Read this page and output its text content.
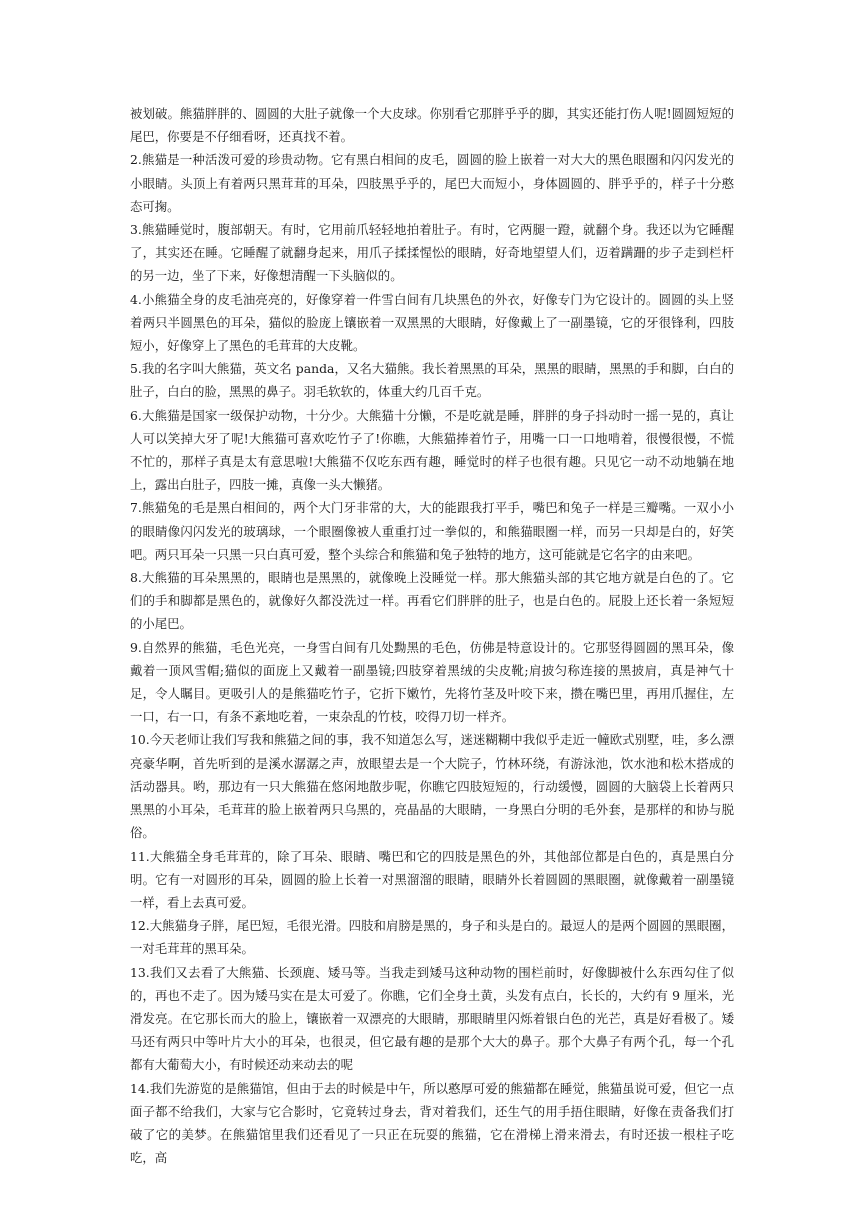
被划破。熊猫胖胖的、圆圆的大肚子就像一个大皮球。你别看它那胖乎乎的脚，其实还能打伤人呢!圆圆短短的尾巴，你要是不仔细看呀，还真找不着。

2.熊猫是一种活泼可爱的珍贵动物。它有黑白相间的皮毛，圆圆的脸上嵌着一对大大的黑色眼圈和闪闪发光的小眼睛。头顶上有着两只黑茸茸的耳朵，四肢黑乎乎的，尾巴大而短小，身体圆圆的、胖乎乎的，样子十分憨态可掬。

3.熊猫睡觉时，腹部朝天。有时，它用前爪轻轻地拍着肚子。有时，它两腿一蹬，就翻个身。我还以为它睡醒了，其实还在睡。它睡醒了就翻身起来，用爪子揉揉惺忪的眼睛，好奇地望望人们，迈着蹒跚的步子走到栏杆的另一边，坐了下来，好像想清醒一下头脑似的。

4.小熊猫全身的皮毛油亮亮的，好像穿着一件雪白间有几块黑色的外衣，好像专门为它设计的。圆圆的头上竖着两只半圆黑色的耳朵，猫似的脸庞上镶嵌着一双黑黑的大眼睛，好像戴上了一副墨镜，它的牙很锋利，四肢短小，好像穿上了黑色的毛茸茸的大皮靴。

5.我的名字叫大熊猫，英文名 panda，又名大猫熊。我长着黑黑的耳朵，黑黑的眼睛，黑黑的手和脚，白白的肚子，白白的脸，黑黑的鼻子。羽毛软软的，体重大约几百千克。

6.大熊猫是国家一级保护动物，十分少。大熊猫十分懒，不是吃就是睡，胖胖的身子抖动时一摇一晃的，真让人可以笑掉大牙了呢!大熊猫可喜欢吃竹子了!你瞧，大熊猫捧着竹子，用嘴一口一口地啃着，很慢很慢，不慌不忙的，那样子真是太有意思啦!大熊猫不仅吃东西有趣，睡觉时的样子也很有趣。只见它一动不动地躺在地上，露出白肚子，四肢一摊，真像一头大懒猪。

7.熊猫兔的毛是黑白相间的，两个大门牙非常的大，大的能跟我打平手，嘴巴和兔子一样是三瓣嘴。一双小小的眼睛像闪闪发光的玻璃球，一个眼圈像被人重重打过一拳似的，和熊猫眼圈一样，而另一只却是白的，好笑吧。两只耳朵一只黑一只白真可爱，整个头综合和熊猫和兔子独特的地方，这可能就是它名字的由来吧。

8.大熊猫的耳朵黑黑的，眼睛也是黑黑的，就像晚上没睡觉一样。那大熊猫头部的其它地方就是白色的了。它们的手和脚都是黑色的，就像好久都没洗过一样。再看它们胖胖的肚子，也是白色的。屁股上还长着一条短短的小尾巴。

9.自然界的熊猫，毛色光亮，一身雪白间有几处黝黑的毛色，仿佛是特意设计的。它那竖得圆圆的黑耳朵，像戴着一顶风雪帽;猫似的面庞上又戴着一副墨镜;四肢穿着黑绒的尖皮靴;肩披匀称连接的黑披肩，真是神气十足，令人瞩目。更吸引人的是熊猫吃竹子，它折下嫩竹，先将竹茎及叶咬下来，攒在嘴巴里，再用爪握住，左一口，右一口，有条不紊地吃着，一束杂乱的竹枝，咬得刀切一样齐。

10.今天老师让我们写我和熊猫之间的事，我不知道怎么写，迷迷糊糊中我似乎走近一幢欧式别墅，哇，多么漂亮豪华啊，首先听到的是溪水潺潺之声，放眼望去是一个大院子，竹林环绕，有游泳池，饮水池和松木搭成的活动器具。哟，那边有一只大熊猫在悠闲地散步呢，你瞧它四肢短短的，行动缓慢，圆圆的大脑袋上长着两只黑黑的小耳朵，毛茸茸的脸上嵌着两只乌黑的，亮晶晶的大眼睛，一身黑白分明的毛外套，是那样的和协与脱俗。

11.大熊猫全身毛茸茸的，除了耳朵、眼睛、嘴巴和它的四肢是黑色的外，其他部位都是白色的，真是黑白分明。它有一对圆形的耳朵，圆圆的脸上长着一对黑溜溜的眼睛，眼睛外长着圆圆的黑眼圈，就像戴着一副墨镜一样，看上去真可爱。

12.大熊猫身子胖，尾巴短，毛很光滑。四肢和肩膀是黑的，身子和头是白的。最逗人的是两个圆圆的黑眼圈，一对毛茸茸的黑耳朵。

13.我们又去看了大熊猫、长颈鹿、矮马等。当我走到矮马这种动物的围栏前时，好像脚被什么东西勾住了似的，再也不走了。因为矮马实在是太可爱了。你瞧，它们全身土黄，头发有点白，长长的，大约有 9 厘米，光滑发亮。在它那长而大的脸上，镶嵌着一双漂亮的大眼睛，那眼睛里闪烁着银白色的光芒，真是好看极了。矮马还有两只中等叶片大小的耳朵，也很灵，但它最有趣的是那个大大的鼻子。那个大鼻子有两个孔，每一个孔都有大葡萄大小，有时候还动来动去的呢

14.我们先游览的是熊猫馆，但由于去的时候是中午，所以憨厚可爱的熊猫都在睡觉，熊猫虽说可爱，但它一点面子都不给我们，大家与它合影时，它竟转过身去，背对着我们，还生气的用手捂住眼睛，好像在责备我们打破了它的美梦。在熊猫馆里我们还看见了一只正在玩耍的熊猫，它在滑梯上滑来滑去，有时还拔一根柱子吃吃，高
